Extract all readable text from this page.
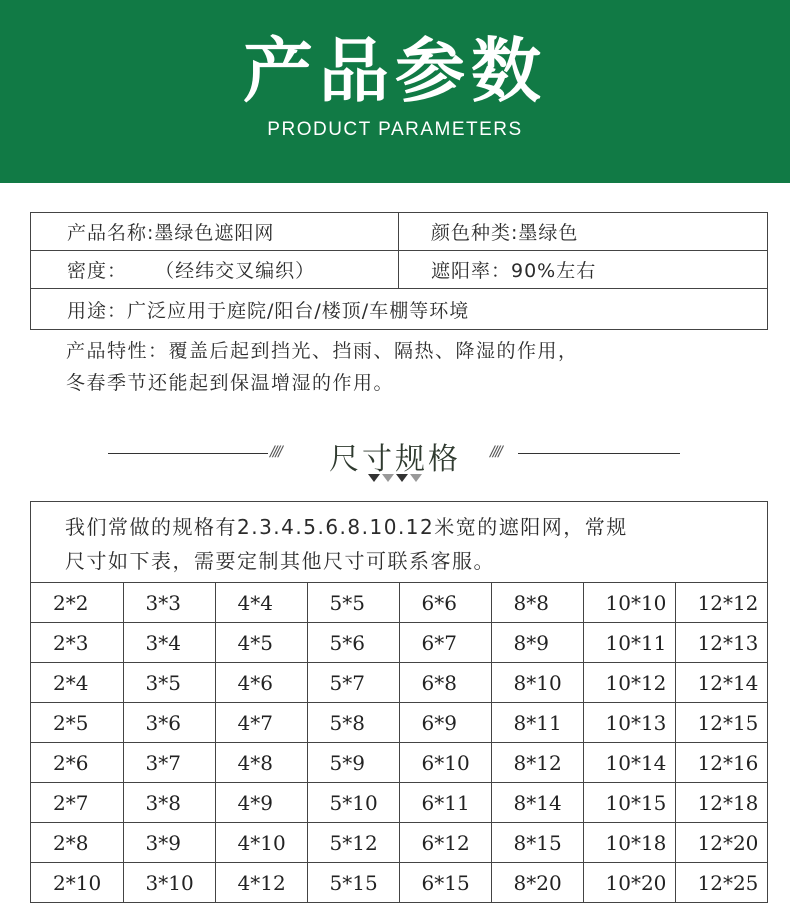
产品参数
PRODUCT PARAMETERS
产品名称:墨绿色遮阳网	颜色种类:墨绿色
密度：    （经纬交叉编织）	遮阳率：90%左右
用途：广泛应用于庭院/阳台/楼顶/车棚等环境
产品特性：覆盖后起到挡光、挡雨、隔热、降湿的作用，
冬春季节还能起到保温增湿的作用。
////	尺寸规格	////
我们常做的规格有2.3.4.5.6.8.10.12米宽的遮阳网，常规
尺寸如下表，需要定制其他尺寸可联系客服。
2*2	3*3	4*4	5*5	6*6	8*8	10*10	12*12
2*3	3*4	4*5	5*6	6*7	8*9	10*11	12*13
2*4	3*5	4*6	5*7	6*8	8*10	10*12	12*14
2*5	3*6	4*7	5*8	6*9	8*11	10*13	12*15
2*6	3*7	4*8	5*9	6*10	8*12	10*14	12*16
2*7	3*8	4*9	5*10	6*11	8*14	10*15	12*18
2*8	3*9	4*10	5*12	6*12	8*15	10*18	12*20
2*10	3*10	4*12	5*15	6*15	8*20	10*20	12*25
